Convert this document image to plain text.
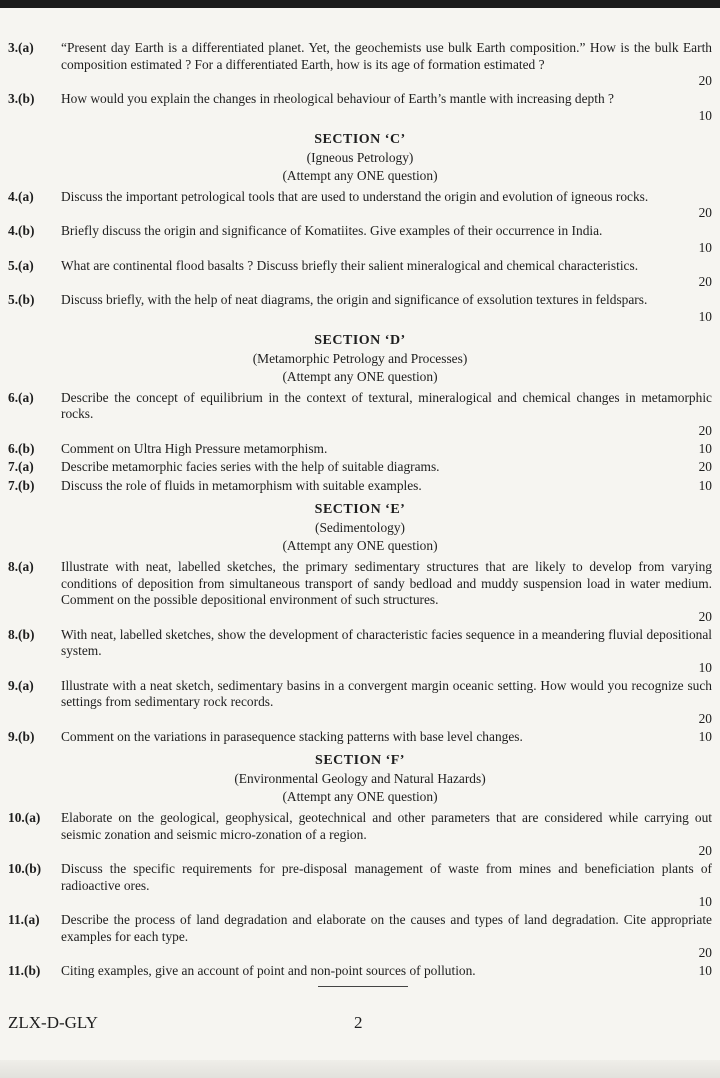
3.(a) “Present day Earth is a differentiated planet. Yet, the geochemists use bulk Earth composition.” How is the bulk Earth composition estimated ? For a differentiated Earth, how is its age of formation estimated ?
20
3.(b) How would you explain the changes in rheological behaviour of Earth’s mantle with increasing depth ?
10
SECTION ‘C’
(Igneous Petrology)
(Attempt any ONE question)
4.(a) Discuss the important petrological tools that are used to understand the origin and evolution of igneous rocks.
20
4.(b) Briefly discuss the origin and significance of Komatiites. Give examples of their occurrence in India.
10
5.(a) What are continental flood basalts ? Discuss briefly their salient mineralogical and chemical characteristics.
20
5.(b) Discuss briefly, with the help of neat diagrams, the origin and significance of exsolution textures in feldspars.
10
SECTION ‘D’
(Metamorphic Petrology and Processes)
(Attempt any ONE question)
6.(a) Describe the concept of equilibrium in the context of textural, mineralogical and chemical changes in metamorphic rocks.
20
6.(b) Comment on Ultra High Pressure metamorphism.	10
7.(a) Describe metamorphic facies series with the help of suitable diagrams.	20
7.(b) Discuss the role of fluids in metamorphism with suitable examples.	10
SECTION ‘E’
(Sedimentology)
(Attempt any ONE question)
8.(a) Illustrate with neat, labelled sketches, the primary sedimentary structures that are likely to develop from varying conditions of deposition from simultaneous transport of sandy bedload and muddy suspension load in water medium. Comment on the possible depositional environment of such structures.
20
8.(b) With neat, labelled sketches, show the development of characteristic facies sequence in a meandering fluvial depositional system.
10
9.(a) Illustrate with a neat sketch, sedimentary basins in a convergent margin oceanic setting. How would you recognize such settings from sedimentary rock records.
20
9.(b) Comment on the variations in parasequence stacking patterns with base level changes.	10
SECTION ‘F’
(Environmental Geology and Natural Hazards)
(Attempt any ONE question)
10.(a) Elaborate on the geological, geophysical, geotechnical and other parameters that are considered while carrying out seismic zonation and seismic micro-zonation of a region.
20
10.(b) Discuss the specific requirements for pre-disposal management of waste from mines and beneficiation plants of radioactive ores.
10
11.(a) Describe the process of land degradation and elaborate on the causes and types of land degradation. Cite appropriate examples for each type.
20
11.(b) Citing examples, give an account of point and non-point sources of pollution.	10
ZLX-D-GLY	2
